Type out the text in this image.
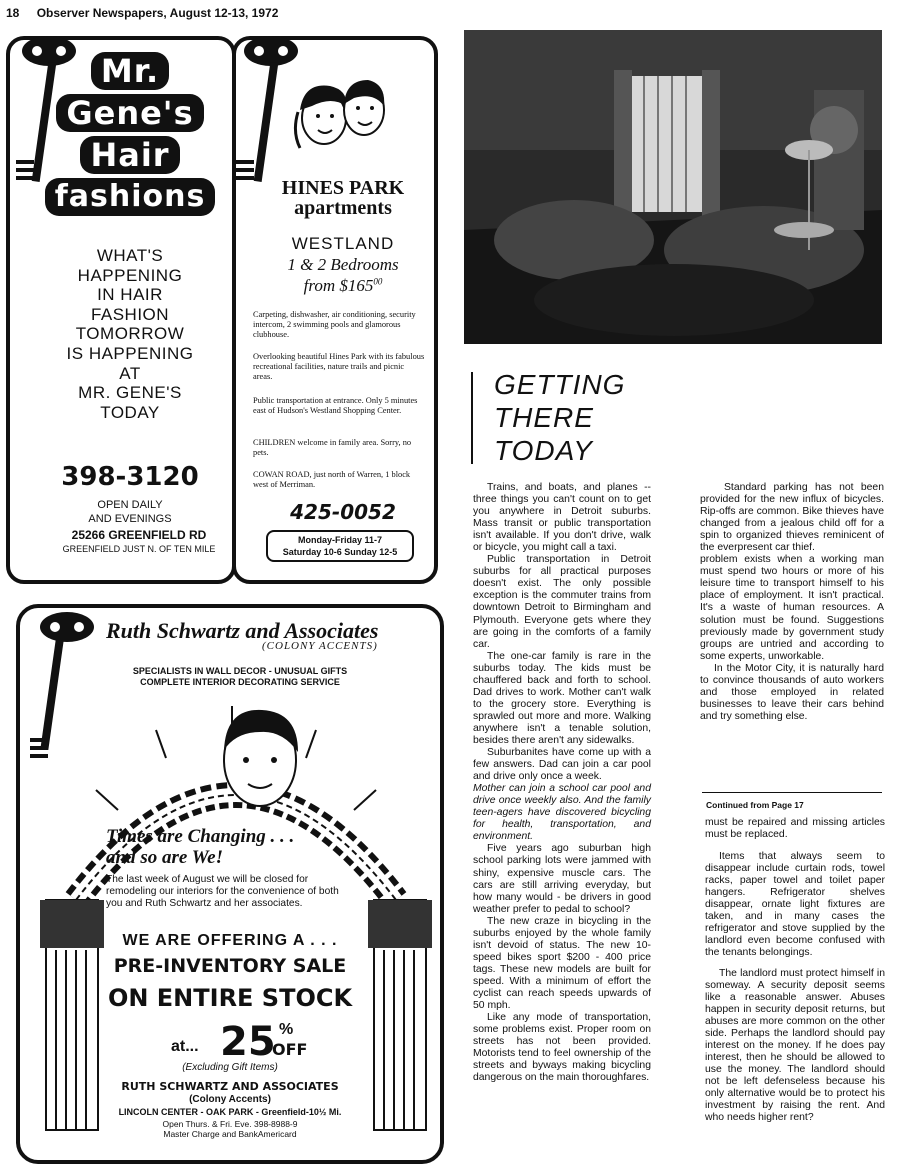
18 Observer Newspapers, August 12-13, 1972
Mr.
Gene's
Hair
fashions
WHAT'S
HAPPENING
IN HAIR
FASHION
TOMORROW
IS HAPPENING
AT
MR. GENE'S
TODAY
398-3120
OPEN DAILY
AND EVENINGS
25266 GREENFIELD RD
GREENFIELD JUST N. OF TEN MILE
HINES PARK
apartments
WESTLAND
1 & 2 Bedrooms
from $\$165^{00}$
Carpeting, dishwasher, air conditioning, security intercom, 2 swimming pools and glamorous clubhouse.
Overlooking beautiful Hines Park with its fabulous recreational facilities, nature trails and picnic areas.
Public transportation at entrance. Only 5 minutes east of Hudson's Westland Shopping Center.
CHILDREN welcome in family area. Sorry, no pets.
COWAN ROAD, just north of Warren, 1 block west of Merriman.
425-0052
Monday-Friday 11-7
Saturday 10-6 Sunday 12-5
GETTING
THERE
TODAY

Trains, and boats, and planes -- three things you can't count on to get you anywhere in Detroit suburbs. Mass transit or public transportation isn't available. If you don't drive, walk or bicycle, you might call a taxi.

Public transportation in Detroit suburbs for all practical purposes doesn't exist. The only possible exception is the commuter trains from downtown Detroit to Birmingham and Plymouth. Everyone gets where they are going in the comforts of a family car.

The one-car family is rare in the suburbs today. The kids must be chauffered back and forth to school. Dad drives to work. Mother can't walk to the grocery store. Everything is sprawled out more and more. Walking anywhere isn't a tenable solution, besides there aren't any sidewalks.

Suburbanites have come up with a few answers. Dad can join a car pool and drive only once a week.

Mother can join a school car pool and drive once weekly also. And the family teen-agers have discovered bicycling for health, transportation, and environment.

Five years ago suburban high school parking lots were jammed with shiny, expensive muscle cars. The cars are still arriving everyday, but how many would - be drivers in good weather prefer to pedal to school?

The new craze in bicycling in the suburbs enjoyed by the whole family isn't devoid of status. The new 10-speed bikes sport $200 - 400 price tags. These new models are built for speed. With a minimum of effort the cyclist can reach speeds upwards of 50 mph.

Like any mode of transportation, some problems exist. Proper room on streets has not been provided. Motorists tend to feel ownership of the streets and byways making bicycling dangerous on the main thoroughfares.

Standard parking has not been provided for the new influx of bicycles. Rip-offs are common. Bike thieves have changed from a jealous child off for a spin to organized thieves reminicent of the everpresent car thief.

problem exists when a working man must spend two hours or more of his leisure time to transport himself to his place of employment. It isn't practical. It's a waste of human resources. A solution must be found. Suggestions previously made by government study groups are untried and according to some experts, unworkable.

In the Motor City, it is naturally hard to convince thousands of auto workers and those employed in related businesses to leave their cars behind and try something else.

Continued from Page 17

must be repaired and missing articles must be replaced.

Items that always seem to disappear include curtain rods, towel racks, paper towel and toilet paper hangers. Refrigerator shelves disappear, ornate light fixtures are taken, and in many cases the refrigerator and stove supplied by the landlord even become confused with the tenants belongings.

The landlord must protect himself in someway. A security deposit seems like a reasonable answer. Abuses happen in security deposit returns, but abuses are more common on the other side. Perhaps the landlord should pay interest on the money. If he does pay interest, then he should be allowed to use the money. The landlord should not be left defenseless because his only alternative would be to protect his investment by raising the rent. And who needs higher rent?

Ruth Schwartz and Associates
(COLONY ACCENTS)
SPECIALISTS IN WALL DECOR - UNUSUAL GIFTS
COMPLETE INTERIOR DECORATING SERVICE
Times are Changing . . .
and so are We!
The last week of August we will be closed for remodeling our interiors for the convenience of both you and Ruth Schwartz and her associates.
WE ARE OFFERING A . . .
PRE-INVENTORY SALE
ON ENTIRE STOCK
at... 25 %
OFF
(Excluding Gift Items)
RUTH SCHWARTZ AND ASSOCIATES
(Colony Accents)
LINCOLN CENTER - OAK PARK - Greenfield-10½ Mi.
Open Thurs. & Fri. Eve. 398-8988-9
Master Charge and BankAmericard
